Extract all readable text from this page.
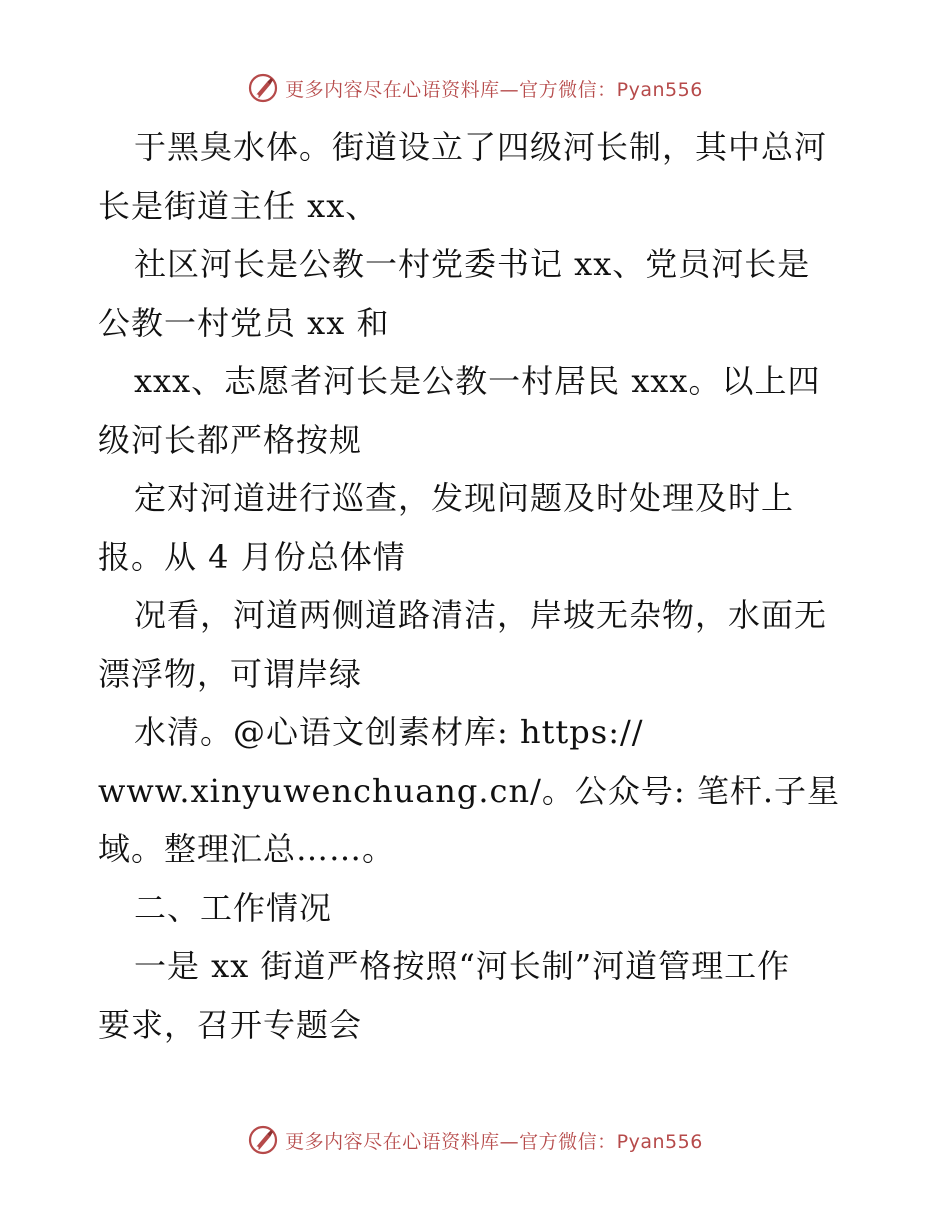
更多内容尽在心语资料库—官方微信：Pyan556
于黑臭水体。街道设立了四级河长制，其中总河
长是街道主任 xx、
社区河长是公教一村党委书记 xx、党员河长是
公教一村党员 xx 和
xxx、志愿者河长是公教一村居民 xxx。以上四
级河长都严格按规
定对河道进行巡查，发现问题及时处理及时上
报。从 4 月份总体情
况看，河道两侧道路清洁，岸坡无杂物，水面无
漂浮物，可谓岸绿
水清。@心语文创素材库: https://
www.xinyuwenchuang.cn/。公众号: 笔杆.子星
域。整理汇总……。
二、工作情况
一是 xx 街道严格按照“河长制”河道管理工作
要求，召开专题会
更多内容尽在心语资料库—官方微信：Pyan556
